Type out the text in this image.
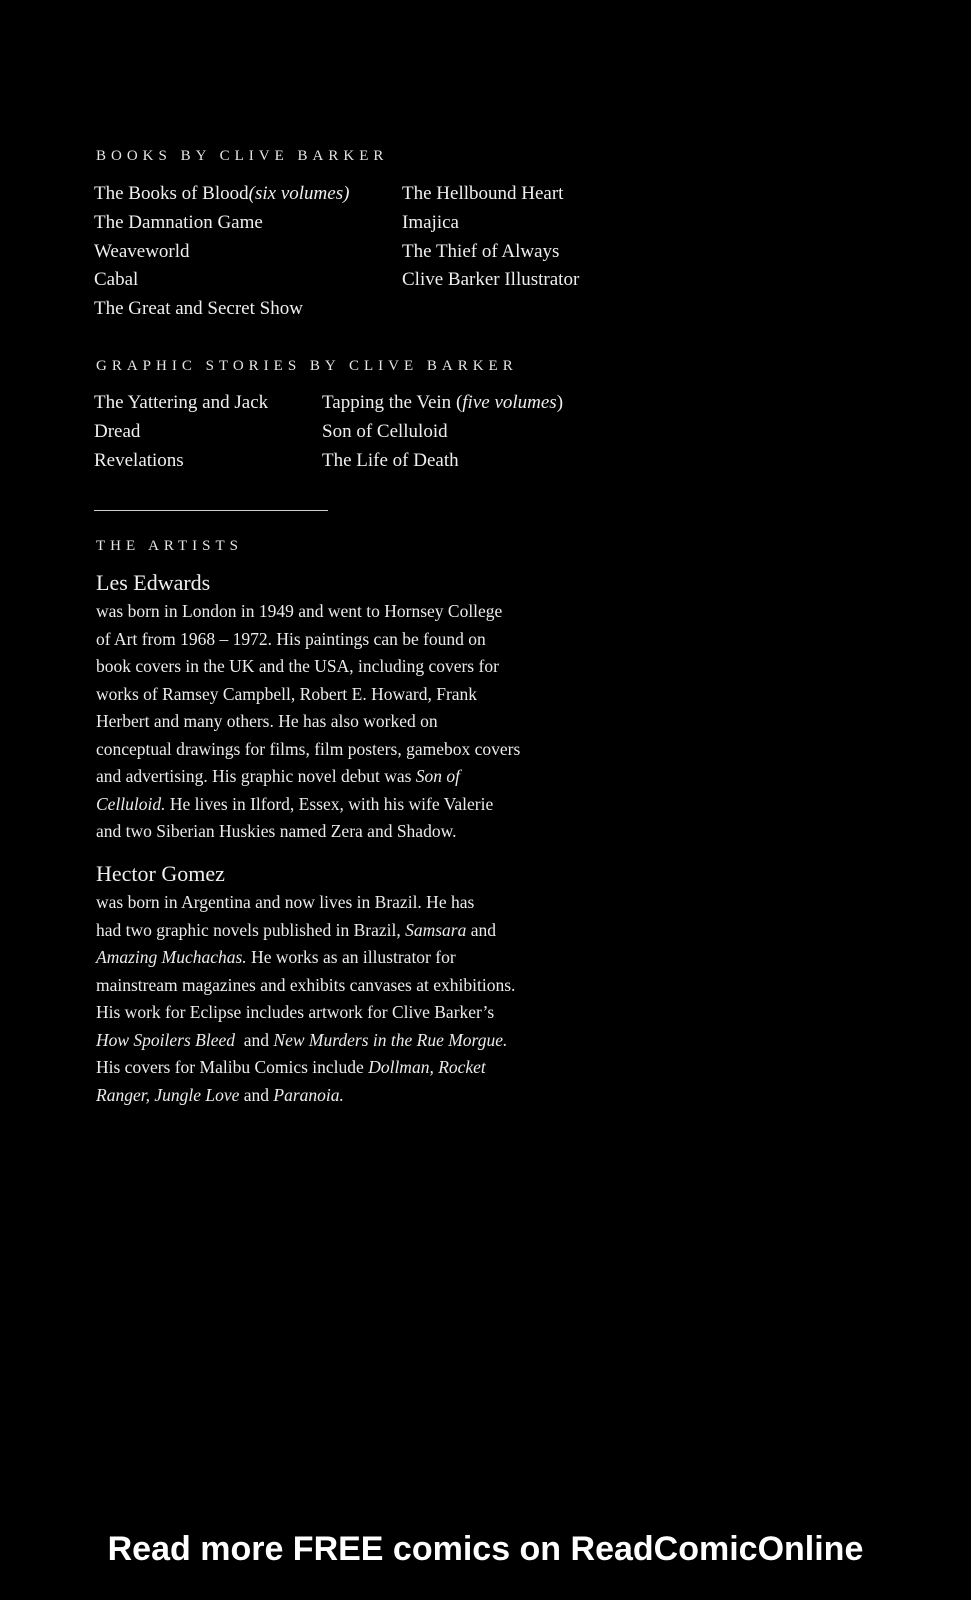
BOOKS BY CLIVE BARKER
The Books of Blood(six volumes)
The Damnation Game
Weaveworld
Cabal
The Great and Secret Show
The Hellbound Heart
Imajica
The Thief of Always
Clive Barker Illustrator
GRAPHIC STORIES BY CLIVE BARKER
The Yattering and Jack
Dread
Revelations
Tapping the Vein (five volumes)
Son of Celluloid
The Life of Death
THE ARTISTS
Les Edwards
was born in London in 1949 and went to Hornsey College
of Art from 1968 – 1972. His paintings can be found on
book covers in the UK and the USA, including covers for
works of Ramsey Campbell, Robert E. Howard, Frank
Herbert and many others. He has also worked on
conceptual drawings for films, film posters, gamebox covers
and advertising. His graphic novel debut was Son of
Celluloid. He lives in Ilford, Essex, with his wife Valerie
and two Siberian Huskies named Zera and Shadow.
Hector Gomez
was born in Argentina and now lives in Brazil. He has
had two graphic novels published in Brazil, Samsara and
Amazing Muchachas. He works as an illustrator for
mainstream magazines and exhibits canvases at exhibitions.
His work for Eclipse includes artwork for Clive Barker’s
How Spoilers Bleed  and New Murders in the Rue Morgue.
His covers for Malibu Comics include Dollman, Rocket
Ranger, Jungle Love and Paranoia.
Read more FREE comics on ReadComicOnline
